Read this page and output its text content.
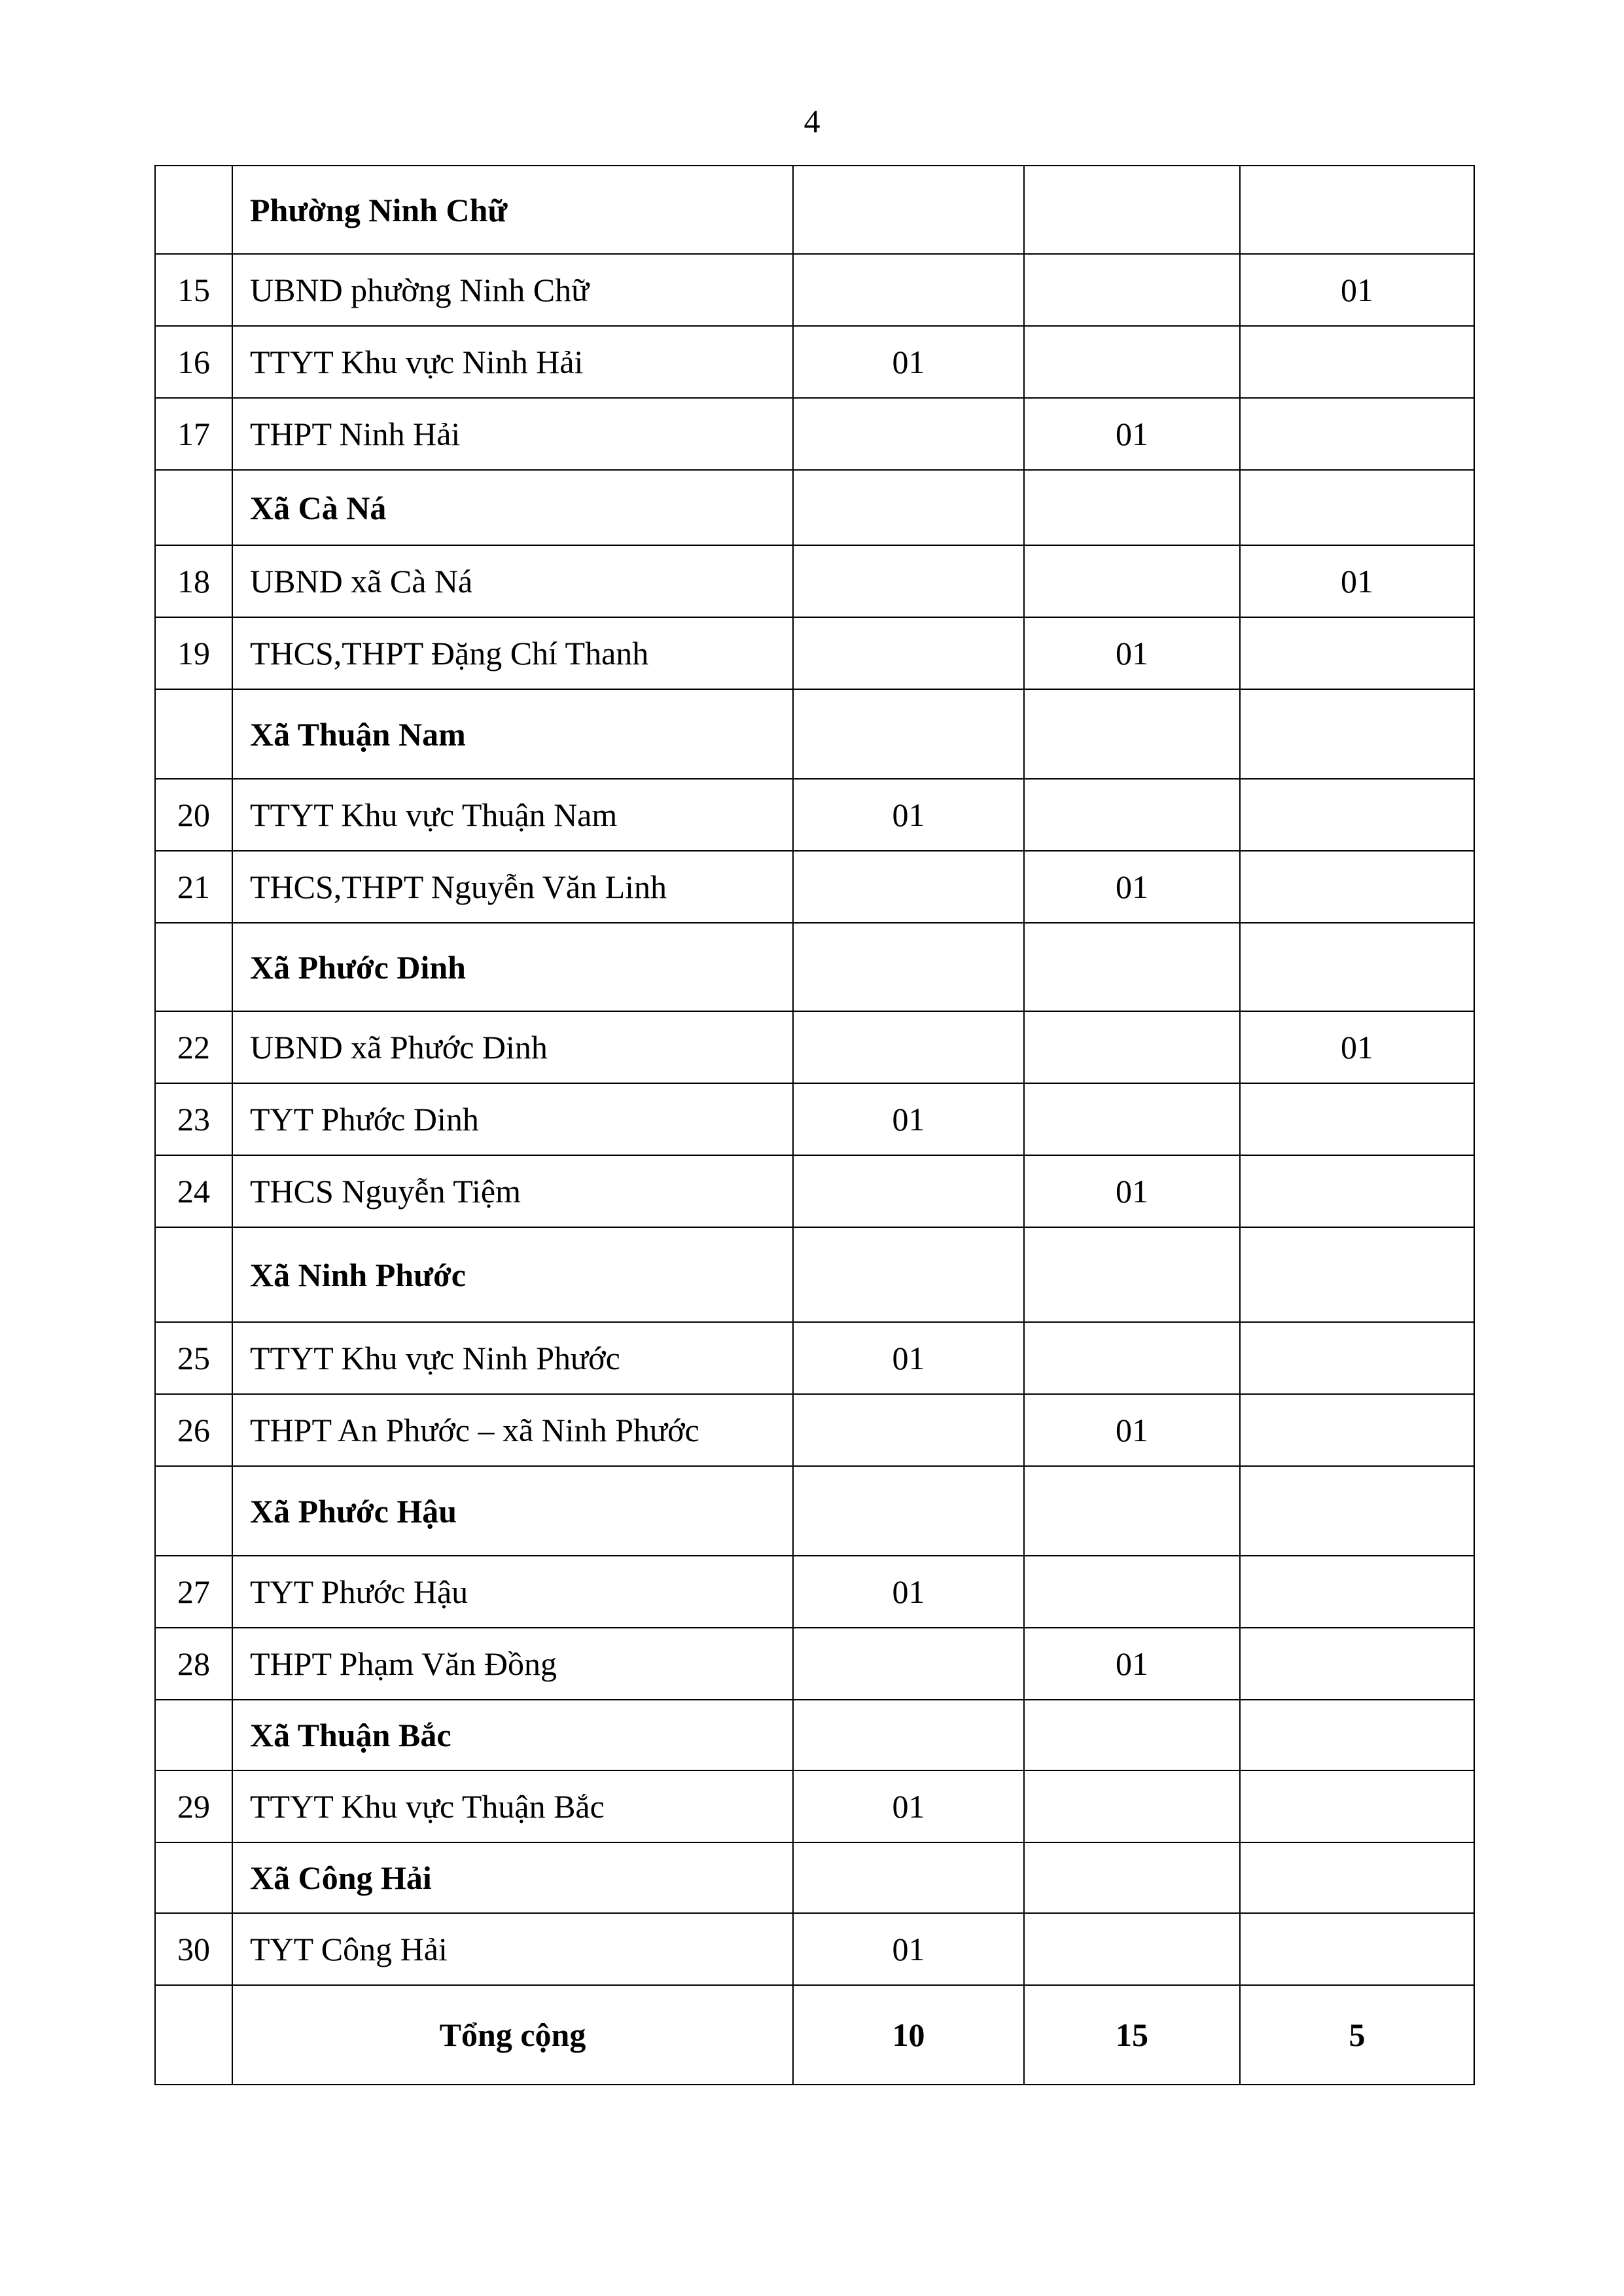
4
	Phường Ninh Chữ			
15	UBND phường Ninh Chữ			01
16	TTYT Khu vực Ninh Hải	01		
17	THPT Ninh Hải		01	
	Xã Cà Ná			
18	UBND xã Cà Ná			01
19	THCS,THPT Đặng Chí Thanh		01	
	Xã Thuận Nam			
20	TTYT Khu vực Thuận Nam	01		
21	THCS,THPT Nguyễn Văn Linh		01	
	Xã Phước Dinh			
22	UBND xã Phước Dinh			01
23	TYT Phước Dinh	01		
24	THCS Nguyễn Tiệm		01	
	Xã Ninh Phước			
25	TTYT Khu vực Ninh Phước	01		
26	THPT An Phước – xã Ninh Phước		01	
	Xã Phước Hậu			
27	TYT Phước Hậu	01		
28	THPT Phạm Văn Đồng		01	
	Xã Thuận Bắc			
29	TTYT Khu vực Thuận Bắc	01		
	Xã Công Hải			
30	TYT Công Hải	01		
	Tổng cộng	10	15	5
